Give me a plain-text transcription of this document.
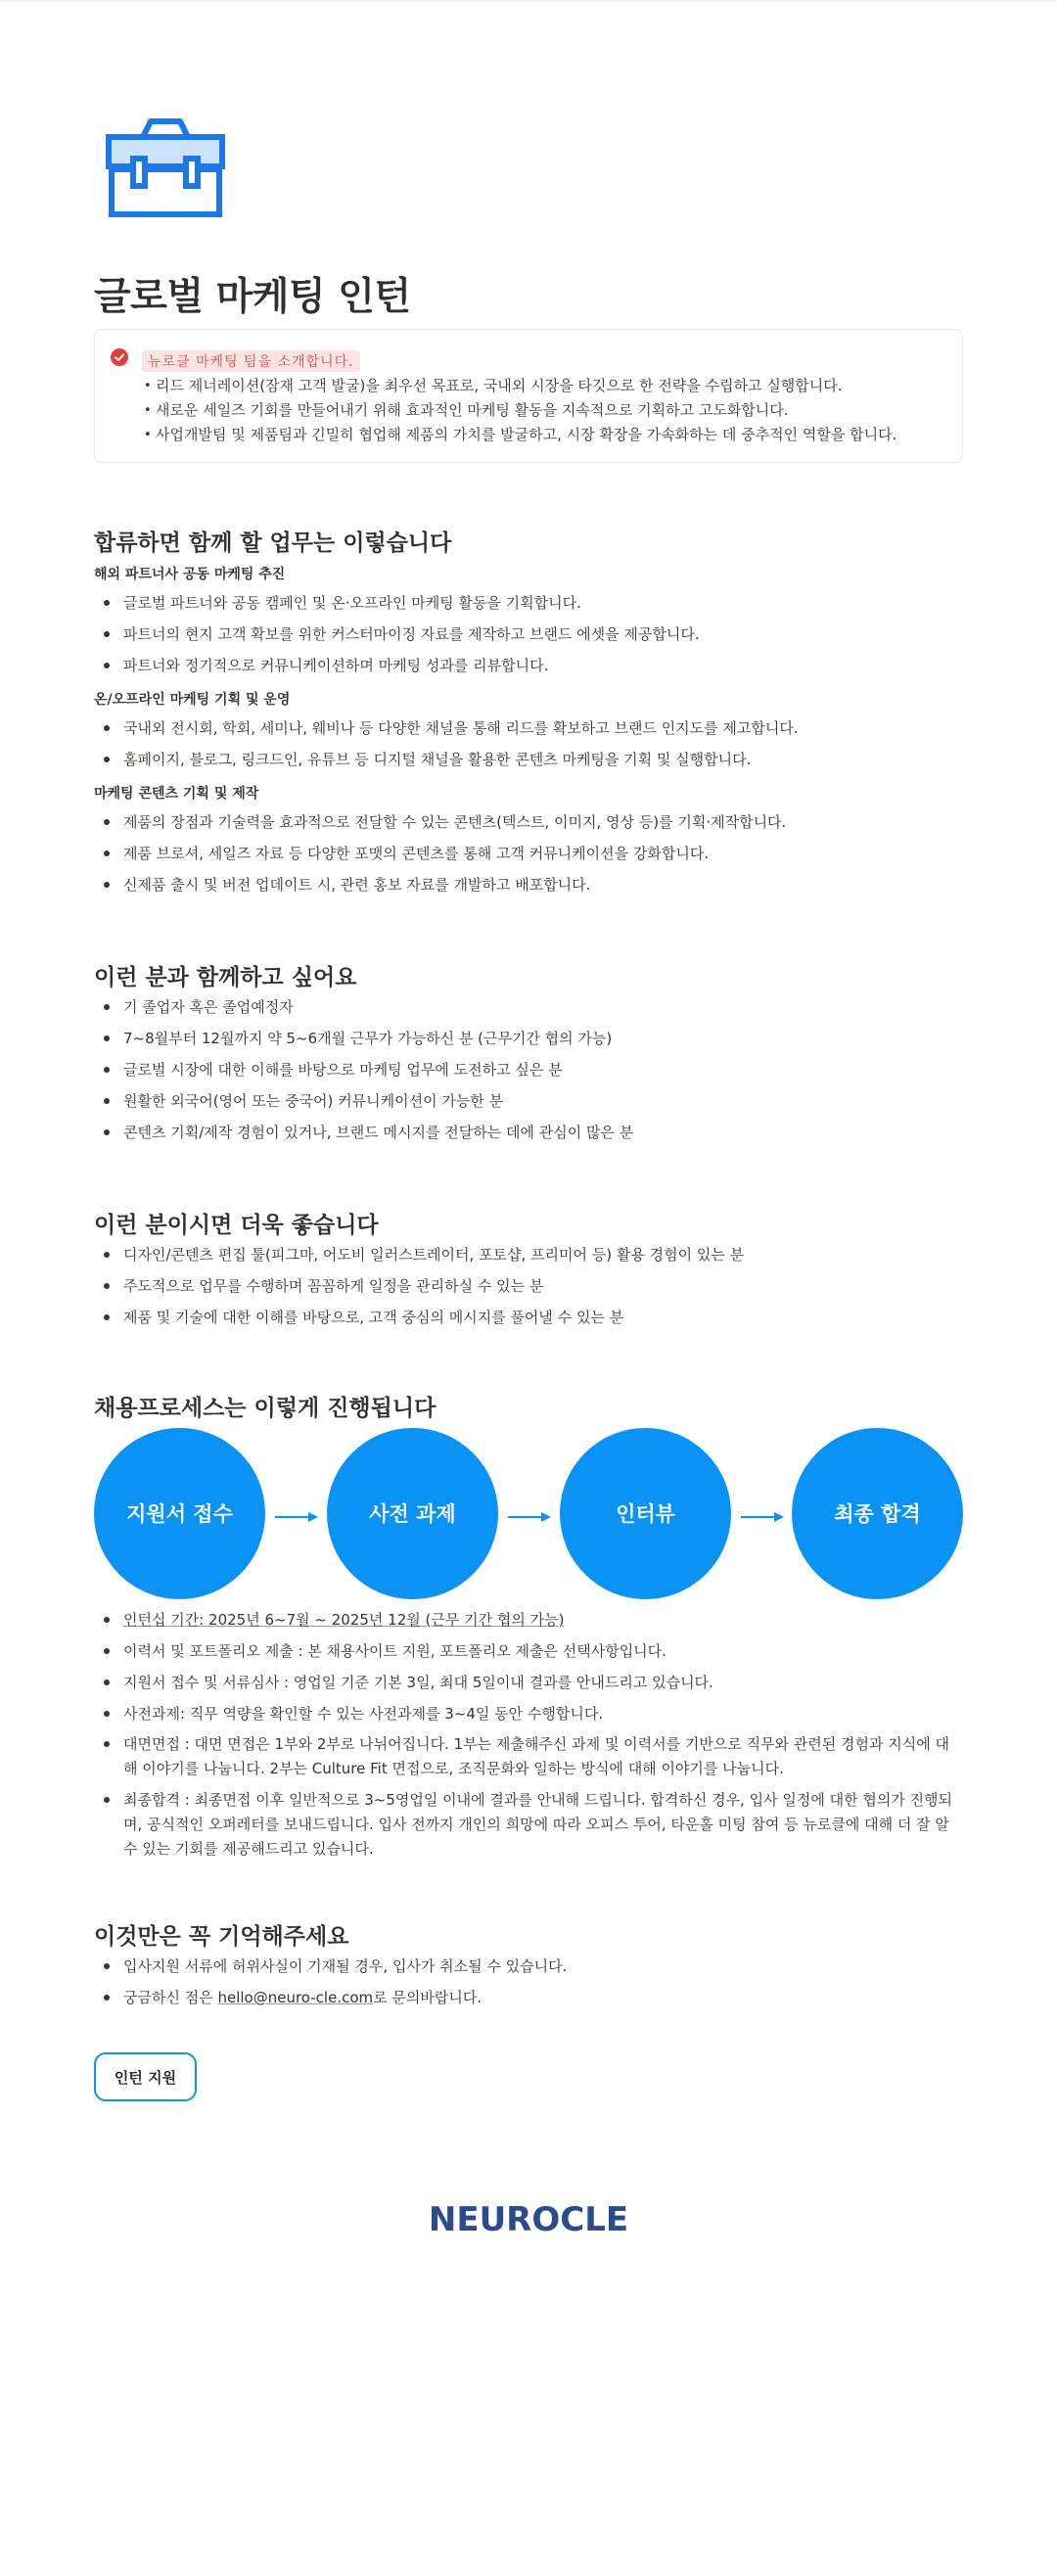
글로벌 마케팅 인턴
뉴로클 마케팅 팀을 소개합니다.
• 리드 제너레이션(잠재 고객 발굴)을 최우선 목표로, 국내외 시장을 타깃으로 한 전략을 수립하고 실행합니다.
• 새로운 세일즈 기회를 만들어내기 위해 효과적인 마케팅 활동을 지속적으로 기획하고 고도화합니다.
• 사업개발팀 및 제품팀과 긴밀히 협업해 제품의 가치를 발굴하고, 시장 확장을 가속화하는 데 중추적인 역할을 합니다.
합류하면 함께 할 업무는 이렇습니다
해외 파트너사 공동 마케팅 추진
글로벌 파트너와 공동 캠페인 및 온·오프라인 마케팅 활동을 기획합니다.
파트너의 현지 고객 확보를 위한 커스터마이징 자료를 제작하고 브랜드 에셋을 제공합니다.
파트너와 정기적으로 커뮤니케이션하며 마케팅 성과를 리뷰합니다.
온/오프라인 마케팅 기획 및 운영
국내외 전시회, 학회, 세미나, 웨비나 등 다양한 채널을 통해 리드를 확보하고 브랜드 인지도를 제고합니다.
홈페이지, 블로그, 링크드인, 유튜브 등 디지털 채널을 활용한 콘텐츠 마케팅을 기획 및 실행합니다.
마케팅 콘텐츠 기획 및 제작
제품의 장점과 기술력을 효과적으로 전달할 수 있는 콘텐츠(텍스트, 이미지, 영상 등)를 기획·제작합니다.
제품 브로셔, 세일즈 자료 등 다양한 포맷의 콘텐츠를 통해 고객 커뮤니케이션을 강화합니다.
신제품 출시 및 버전 업데이트 시, 관련 홍보 자료를 개발하고 배포합니다.
이런 분과 함께하고 싶어요
기 졸업자 혹은 졸업예정자
7~8월부터 12월까지 약 5~6개월 근무가 가능하신 분 (근무기간 협의 가능)
글로벌 시장에 대한 이해를 바탕으로 마케팅 업무에 도전하고 싶은 분
원활한 외국어(영어 또는 중국어) 커뮤니케이션이 가능한 분
콘텐츠 기획/제작 경험이 있거나, 브랜드 메시지를 전달하는 데에 관심이 많은 분
이런 분이시면 더욱 좋습니다
디자인/콘텐츠 편집 툴(피그마, 어도비 일러스트레이터, 포토샵, 프리미어 등) 활용 경험이 있는 분
주도적으로 업무를 수행하며 꼼꼼하게 일정을 관리하실 수 있는 분
제품 및 기술에 대한 이해를 바탕으로, 고객 중심의 메시지를 풀어낼 수 있는 분
채용프로세스는 이렇게 진행됩니다
지원서 접수	사전 과제	인터뷰	최종 합격
인턴십 기간: 2025년 6~7월 ~ 2025년 12월 (근무 기간 협의 가능)
이력서 및 포트폴리오 제출 : 본 채용사이트 지원, 포트폴리오 제출은 선택사항입니다.
지원서 접수 및 서류심사 : 영업일 기준 기본 3일, 최대 5일이내 결과를 안내드리고 있습니다.
사전과제: 직무 역량을 확인할 수 있는 사전과제를 3~4일 동안 수행합니다.
대면면접 : 대면 면접은 1부와 2부로 나뉘어집니다. 1부는 제출해주신 과제 및 이력서를 기반으로 직무와 관련된 경험과 지식에 대해 이야기를 나눕니다. 2부는 Culture Fit 면접으로, 조직문화와 일하는 방식에 대해 이야기를 나눕니다.
최종합격 : 최종면접 이후 일반적으로 3~5영업일 이내에 결과를 안내해 드립니다. 합격하신 경우, 입사 일정에 대한 협의가 진행되며, 공식적인 오퍼레터를 보내드립니다. 입사 전까지 개인의 희망에 따라 오피스 투어, 타운홀 미팅 참여 등 뉴로클에 대해 더 잘 알 수 있는 기회를 제공해드리고 있습니다.
이것만은 꼭 기억해주세요
입사지원 서류에 허위사실이 기재될 경우, 입사가 취소될 수 있습니다.
궁금하신 점은 hello@neuro-cle.com로 문의바랍니다.
인턴 지원
NEUROCLE
